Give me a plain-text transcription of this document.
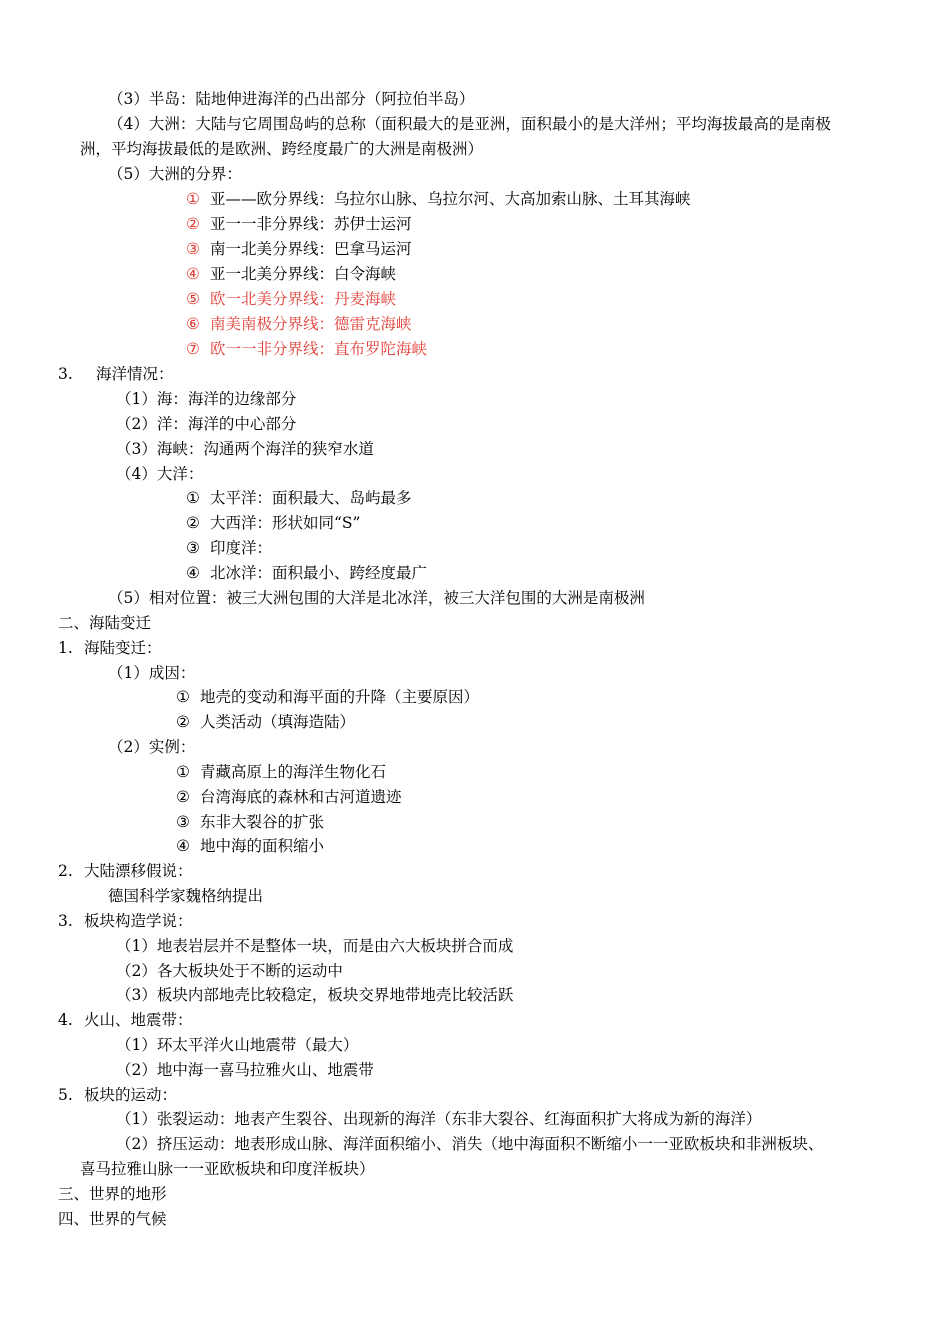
（3）半岛：陆地伸进海洋的凸出部分（阿拉伯半岛）
（4）大洲：大陆与它周围岛屿的总称（面积最大的是亚洲，面积最小的是大洋州；平均海拔最高的是南极
洲，平均海拔最低的是欧洲、跨经度最广的大洲是南极洲）
（5）大洲的分界：
① 亚——欧分界线：乌拉尔山脉、乌拉尔河、大高加索山脉、土耳其海峡
② 亚一一非分界线：苏伊士运河
③ 南一北美分界线：巴拿马运河
④ 亚一北美分界线：白令海峡
⑤ 欧一北美分界线：丹麦海峡
⑥ 南美南极分界线：德雷克海峡
⑦ 欧一一非分界线：直布罗陀海峡
3. 海洋情况：
（1）海：海洋的边缘部分
（2）洋：海洋的中心部分
（3）海峡：沟通两个海洋的狭窄水道
（4）大洋：
① 太平洋：面积最大、岛屿最多
② 大西洋：形状如同“S”
③ 印度洋：
④ 北冰洋：面积最小、跨经度最广
（5）相对位置：被三大洲包围的大洋是北冰洋，被三大洋包围的大洲是南极洲
二、海陆变迁
1. 海陆变迁：
（1）成因：
① 地壳的变动和海平面的升降（主要原因）
② 人类活动（填海造陆）
（2）实例：
① 青藏高原上的海洋生物化石
② 台湾海底的森林和古河道遗迹
③ 东非大裂谷的扩张
④ 地中海的面积缩小
2. 大陆漂移假说：
德国科学家魏格纳提出
3. 板块构造学说：
（1）地表岩层并不是整体一块，而是由六大板块拼合而成
（2）各大板块处于不断的运动中
（3）板块内部地壳比较稳定，板块交界地带地壳比较活跃
4. 火山、地震带：
（1）环太平洋火山地震带（最大）
（2）地中海一喜马拉雅火山、地震带
5. 板块的运动：
（1）张裂运动：地表产生裂谷、出现新的海洋（东非大裂谷、红海面积扩大将成为新的海洋）
（2）挤压运动：地表形成山脉、海洋面积缩小、消失（地中海面积不断缩小一一亚欧板块和非洲板块、
喜马拉雅山脉一一亚欧板块和印度洋板块）
三、世界的地形
四、世界的气候
